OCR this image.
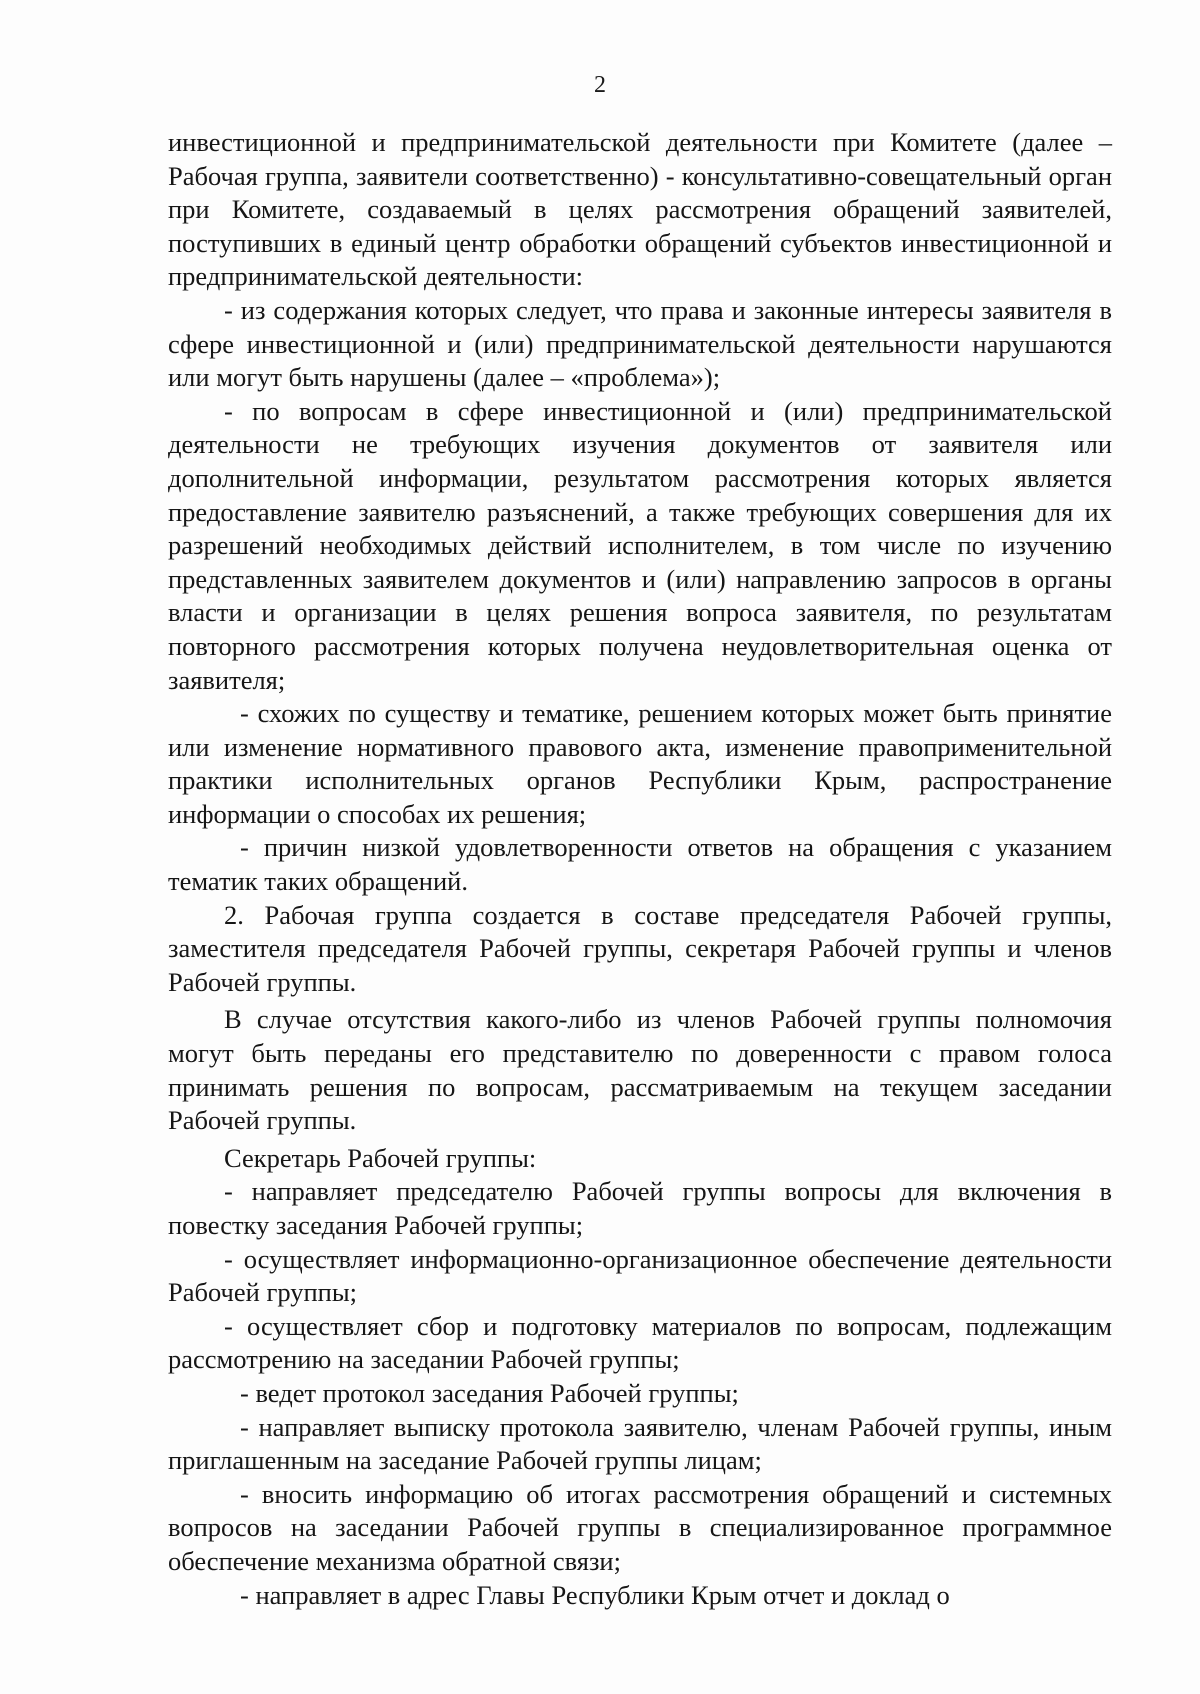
2

инвестиционной и предпринимательской деятельности при Комитете (далее – Рабочая группа, заявители соответственно) - консультативно-совещательный орган при Комитете, создаваемый в целях рассмотрения обращений заявителей, поступивших в единый центр обработки обращений субъектов инвестиционной и предпринимательской деятельности:

- из содержания которых следует, что права и законные интересы заявителя в сфере инвестиционной и (или) предпринимательской деятельности нарушаются или могут быть нарушены (далее – «проблема»);

- по вопросам в сфере инвестиционной и (или) предпринимательской деятельности не требующих изучения документов от заявителя или дополнительной информации, результатом рассмотрения которых является предоставление заявителю разъяснений, а также требующих совершения для их разрешений необходимых действий исполнителем, в том числе по изучению представленных заявителем документов и (или) направлению запросов в органы власти и организации в целях решения вопроса заявителя, по результатам повторного рассмотрения которых получена неудовлетворительная оценка от заявителя;

- схожих по существу и тематике, решением которых может быть принятие или изменение нормативного правового акта, изменение правоприменительной практики исполнительных органов Республики Крым, распространение информации о способах их решения;

- причин низкой удовлетворенности ответов на обращения с указанием тематик таких обращений.

2. Рабочая группа создается в составе председателя Рабочей группы, заместителя председателя Рабочей группы, секретаря Рабочей группы и членов Рабочей группы.

В случае отсутствия какого-либо из членов Рабочей группы полномочия могут быть переданы его представителю по доверенности с правом голоса принимать решения по вопросам, рассматриваемым на текущем заседании Рабочей группы.

Секретарь Рабочей группы:

- направляет председателю Рабочей группы вопросы для включения в повестку заседания Рабочей группы;

- осуществляет информационно-организационное обеспечение деятельности Рабочей группы;

- осуществляет сбор и подготовку материалов по вопросам, подлежащим рассмотрению на заседании Рабочей группы;

- ведет протокол заседания Рабочей группы;

- направляет выписку протокола заявителю, членам Рабочей группы, иным приглашенным на заседание Рабочей группы лицам;

- вносить информацию об итогах рассмотрения обращений и системных вопросов на заседании Рабочей группы в специализированное программное обеспечение механизма обратной связи;

- направляет в адрес Главы Республики Крым отчет и доклад о
